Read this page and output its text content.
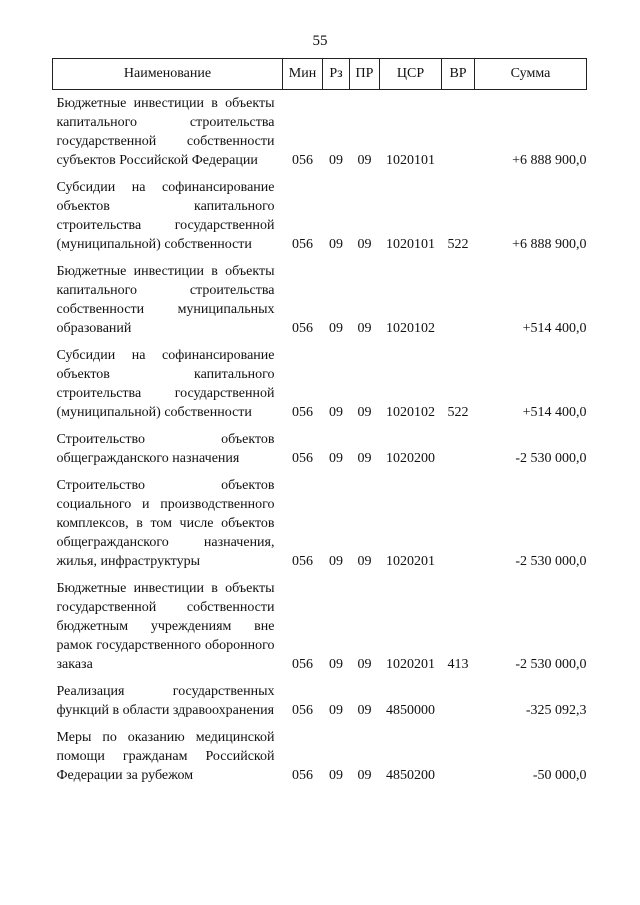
55
Наименование	Мин	Рз	ПР	ЦСР	ВР	Сумма
Бюджетные инвестиции в объекты капитального строительства государственной собственности субъектов Российской Федерации	056	09	09	1020101		+6 888 900,0
Субсидии на софинансирование объектов капитального строительства государственной (муниципальной) собственности	056	09	09	1020101	522	+6 888 900,0
Бюджетные инвестиции в объекты капитального строительства собственности муниципальных образований	056	09	09	1020102		+514 400,0
Субсидии на софинансирование объектов капитального строительства государственной (муниципальной) собственности	056	09	09	1020102	522	+514 400,0
Строительство объектов общегражданского назначения	056	09	09	1020200		-2 530 000,0
Строительство объектов социального и производственного комплексов, в том числе объектов общегражданского назначения, жилья, инфраструктуры	056	09	09	1020201		-2 530 000,0
Бюджетные инвестиции в объекты государственной собственности бюджетным учреждениям вне рамок государственного оборонного заказа	056	09	09	1020201	413	-2 530 000,0
Реализация государственных функций в области здравоохранения	056	09	09	4850000		-325 092,3
Меры по оказанию медицинской помощи гражданам Российской Федерации за рубежом	056	09	09	4850200		-50 000,0
